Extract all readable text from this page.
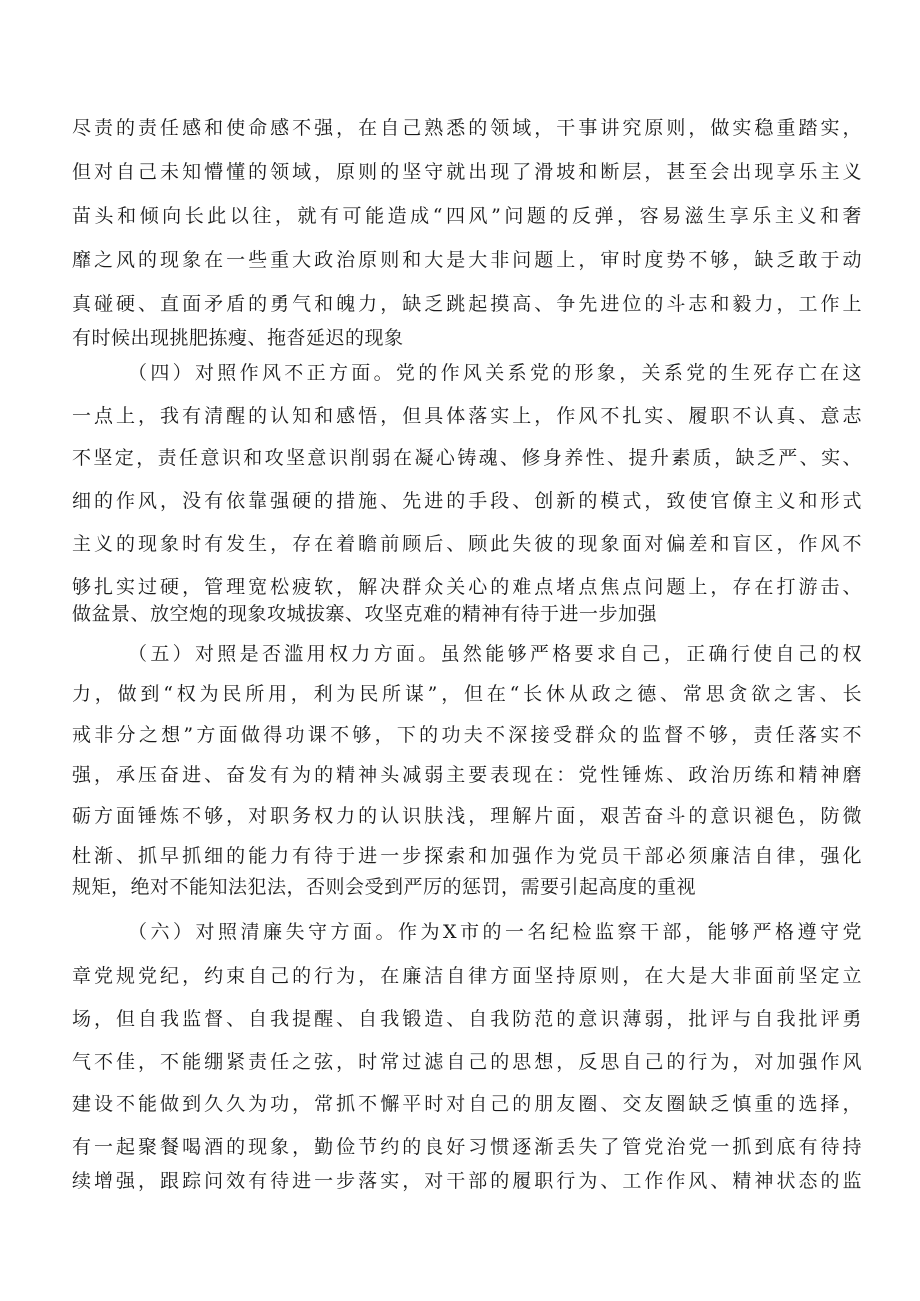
尽责的责任感和使命感不强，在自己熟悉的领域，干事讲究原则，做实稳重踏实，
但对自己未知懵懂的领域，原则的坚守就出现了滑坡和断层，甚至会出现享乐主义
苗头和倾向长此以往，就有可能造成“四风”问题的反弹，容易滋生享乐主义和奢
靡之风的现象在一些重大政治原则和大是大非问题上，审时度势不够，缺乏敢于动
真碰硬、直面矛盾的勇气和魄力，缺乏跳起摸高、争先进位的斗志和毅力，工作上
有时候出现挑肥拣瘦、拖沓延迟的现象
（四）对照作风不正方面。党的作风关系党的形象，关系党的生死存亡在这
一点上，我有清醒的认知和感悟，但具体落实上，作风不扎实、履职不认真、意志
不坚定，责任意识和攻坚意识削弱在凝心铸魂、修身养性、提升素质，缺乏严、实、
细的作风，没有依靠强硬的措施、先进的手段、创新的模式，致使官僚主义和形式
主义的现象时有发生，存在着瞻前顾后、顾此失彼的现象面对偏差和盲区，作风不
够扎实过硬，管理宽松疲软，解决群众关心的难点堵点焦点问题上，存在打游击、
做盆景、放空炮的现象攻城拔寨、攻坚克难的精神有待于进一步加强
（五）对照是否滥用权力方面。虽然能够严格要求自己，正确行使自己的权
力，做到“权为民所用，利为民所谋”，但在“长休从政之德、常思贪欲之害、长
戒非分之想”方面做得功课不够，下的功夫不深接受群众的监督不够，责任落实不
强，承压奋进、奋发有为的精神头减弱主要表现在：党性锤炼、政治历练和精神磨
砺方面锤炼不够，对职务权力的认识肤浅，理解片面，艰苦奋斗的意识褪色，防微
杜渐、抓早抓细的能力有待于进一步探索和加强作为党员干部必须廉洁自律，强化
规矩，绝对不能知法犯法，否则会受到严厉的惩罚，需要引起高度的重视
（六）对照清廉失守方面。作为X市的一名纪检监察干部，能够严格遵守党
章党规党纪，约束自己的行为，在廉洁自律方面坚持原则，在大是大非面前坚定立
场，但自我监督、自我提醒、自我锻造、自我防范的意识薄弱，批评与自我批评勇
气不佳，不能绷紧责任之弦，时常过滤自己的思想，反思自己的行为，对加强作风
建设不能做到久久为功，常抓不懈平时对自己的朋友圈、交友圈缺乏慎重的选择，
有一起聚餐喝酒的现象，勤俭节约的良好习惯逐渐丢失了管党治党一抓到底有待持
续增强，跟踪问效有待进一步落实，对干部的履职行为、工作作风、精神状态的监
